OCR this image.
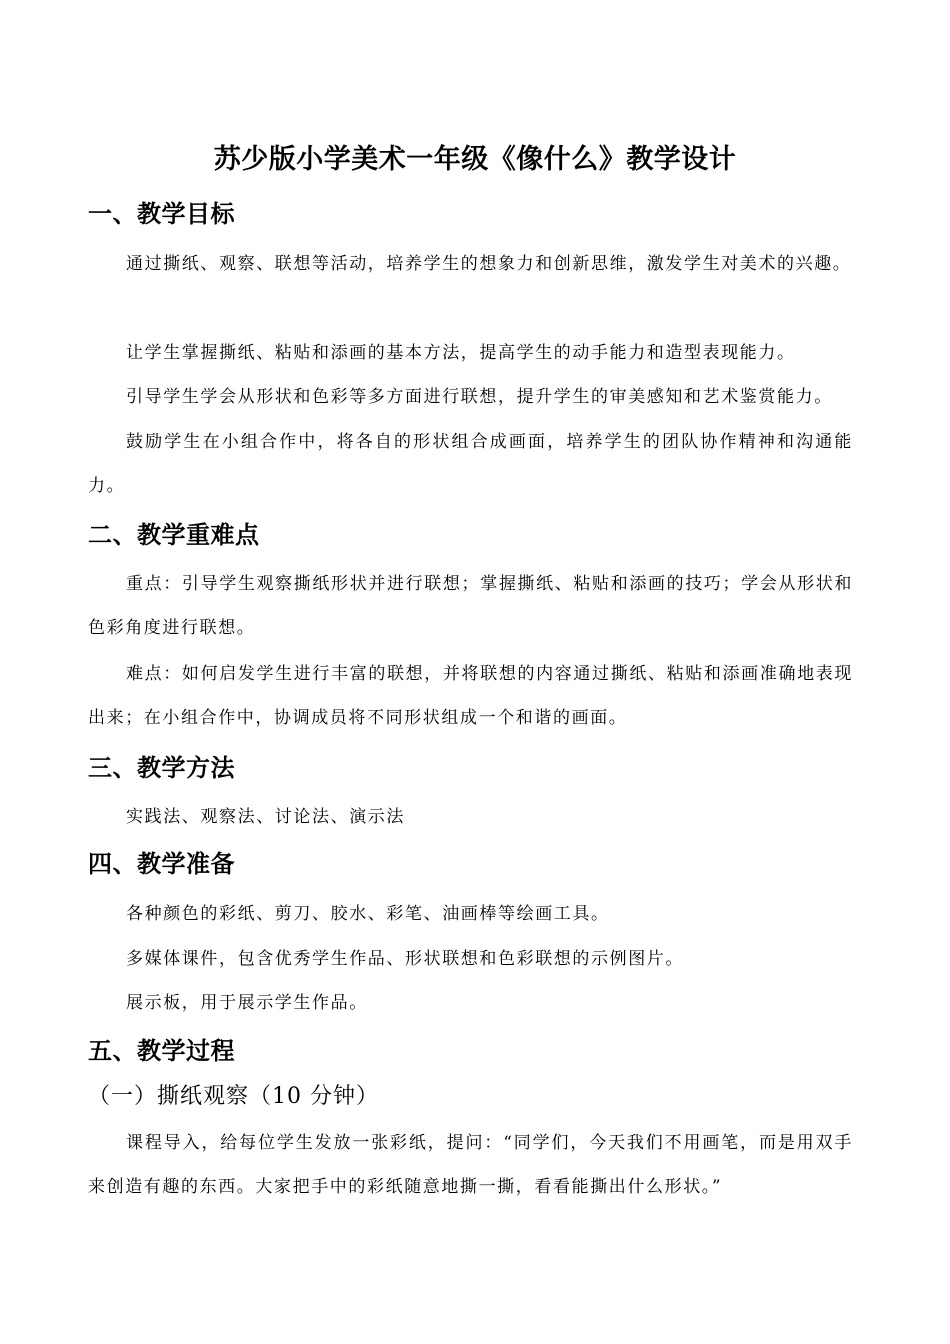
苏少版小学美术一年级《像什么》教学设计
一、教学目标
通过撕纸、观察、联想等活动，培养学生的想象力和创新思维，激发学生对美术的兴趣。
让学生掌握撕纸、粘贴和添画的基本方法，提高学生的动手能力和造型表现能力。
引导学生学会从形状和色彩等多方面进行联想，提升学生的审美感知和艺术鉴赏能力。
鼓励学生在小组合作中，将各自的形状组合成画面，培养学生的团队协作精神和沟通能力。
二、教学重难点
重点：引导学生观察撕纸形状并进行联想；掌握撕纸、粘贴和添画的技巧；学会从形状和色彩角度进行联想。
难点：如何启发学生进行丰富的联想，并将联想的内容通过撕纸、粘贴和添画准确地表现出来；在小组合作中，协调成员将不同形状组成一个和谐的画面。
三、教学方法
实践法、观察法、讨论法、演示法
四、教学准备
各种颜色的彩纸、剪刀、胶水、彩笔、油画棒等绘画工具。
多媒体课件，包含优秀学生作品、形状联想和色彩联想的示例图片。
展示板，用于展示学生作品。
五、教学过程
（一）撕纸观察（10 分钟）
课程导入，给每位学生发放一张彩纸，提问：“同学们，今天我们不用画笔，而是用双手来创造有趣的东西。大家把手中的彩纸随意地撕一撕，看看能撕出什么形状。”
